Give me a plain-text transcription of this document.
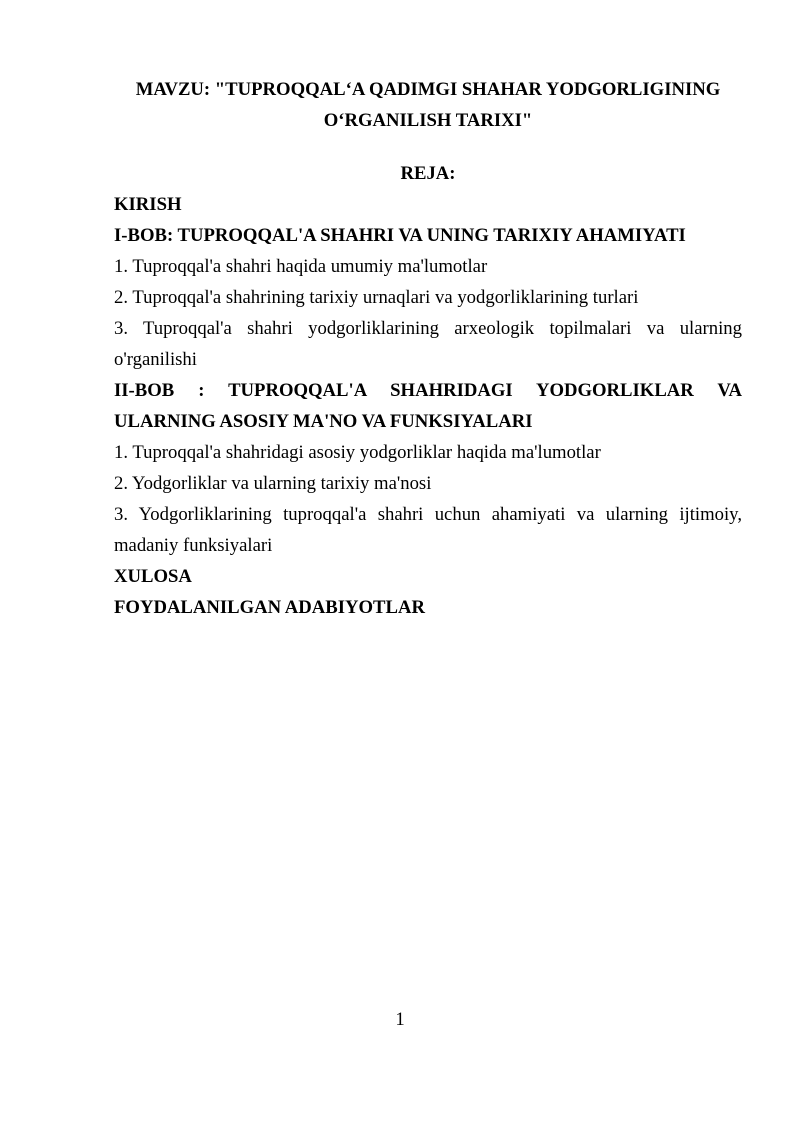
MAVZU: "TUPROQQAL‘A QADIMGI SHAHAR YODGORLIGINING O‘RGANILISH TARIXI"

REJA:

KIRISH

I-BOB: TUPROQQAL'A SHAHRI VA UNING TARIXIY AHAMIYATI

1. Tuproqqal'a shahri haqida umumiy ma'lumotlar

2. Tuproqqal'a shahrining tarixiy urnaqlari va yodgorliklarining turlari

3. Tuproqqal'a shahri yodgorliklarining arxeologik topilmalari va ularning o'rganilishi

II-BOB : TUPROQQAL'A SHAHRIDAGI YODGORLIKLAR VA ULARNING ASOSIY MA'NO VA FUNKSIYALARI

1. Tuproqqal'a shahridagi asosiy yodgorliklar haqida ma'lumotlar

2. Yodgorliklar va ularning tarixiy ma'nosi

3. Yodgorliklarining tuproqqal'a shahri uchun ahamiyati va ularning ijtimoiy, madaniy funksiyalari

XULOSA

FOYDALANILGAN ADABIYOTLAR

1
